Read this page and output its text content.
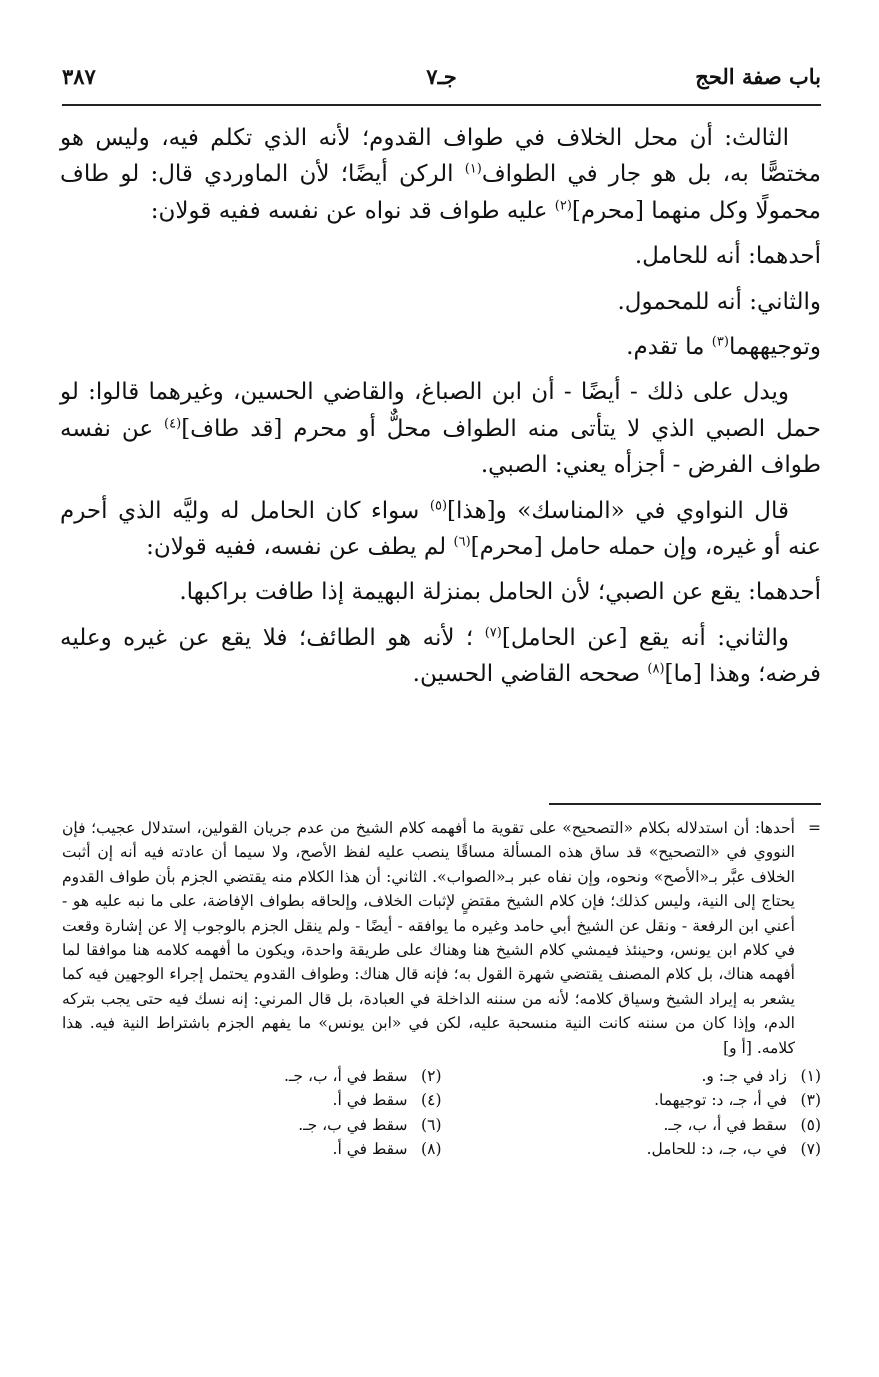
باب صفة الحج
جـ٧
٣٨٧

الثالث: أن محل الخلاف في طواف القدوم؛ لأنه الذي تكلم فيه، وليس هو مختصًّا به، بل هو جار في الطواف$^{(١)}$ الركن أيضًا؛ لأن الماوردي قال: لو طاف محمولًا وكل منهما [محرم]$^{(٢)}$ عليه طواف قد نواه عن نفسه ففيه قولان:

أحدهما: أنه للحامل.

والثاني: أنه للمحمول.

وتوجيههما$^{(٣)}$ ما تقدم.

ويدل على ذلك - أيضًا - أن ابن الصباغ، والقاضي الحسين، وغيرهما قالوا: لو حمل الصبي الذي لا يتأتى منه الطواف محلٌّ أو محرم [قد طاف]$^{(٤)}$ عن نفسه طواف الفرض - أجزأه يعني: الصبي.

قال النواوي في «المناسك» و[هذا]$^{(٥)}$ سواء كان الحامل له وليَّه الذي أحرم عنه أو غيره، وإن حمله حامل [محرم]$^{(٦)}$ لم يطف عن نفسه، ففيه قولان:

أحدهما: يقع عن الصبي؛ لأن الحامل بمنزلة البهيمة إذا طافت براكبها.

والثاني: أنه يقع [عن الحامل]$^{(٧)}$ ؛ لأنه هو الطائف؛ فلا يقع عن غيره وعليه فرضه؛ وهذا [ما]$^{(٨)}$ صححه القاضي الحسين.

=
أحدها: أن استدلاله بكلام «التصحيح» على تقوية ما أفهمه كلام الشيخ من عدم جريان القولين، استدلال عجيب؛ فإن النووي في «التصحيح» قد ساق هذه المسألة مساقًا ينصب عليه لفظ الأصح، ولا سيما أن عادته فيه أنه إن أثبت الخلاف عبَّر بـ«الأصح» ونحوه، وإن نفاه عبر بـ«الصواب». الثاني: أن هذا الكلام منه يقتضي الجزم بأن طواف القدوم يحتاج إلى النية، وليس كذلك؛ فإن كلام الشيخ مقتضٍ لإثبات الخلاف، وإلحاقه بطواف الإفاضة، على ما نبه عليه هو - أعني ابن الرفعة - ونقل عن الشيخ أبي حامد وغيره ما يوافقه - أيضًا - ولم ينقل الجزم بالوجوب إلا عن إشارة وقعت في كلام ابن يونس، وحينئذ فيمشي كلام الشيخ هنا وهناك على طريقة واحدة، ويكون ما أفهمه كلامه هنا موافقا لما أفهمه هناك، بل كلام المصنف يقتضي شهرة القول به؛ فإنه قال هناك: وطواف القدوم يحتمل إجراء الوجهين فيه كما يشعر به إيراد الشيخ وسياق كلامه؛ لأنه من سننه الداخلة في العبادة، بل قال المرني: إنه نسك فيه حتى يجب بتركه الدم، وإذا كان من سننه كانت النية منسحبة عليه، لكن في «ابن يونس» ما يفهم الجزم باشتراط النية فيه. هذا كلامه. [أ و]
(١)زاد في جـ: و.
(٢)سقط في أ، ب، جـ.
(٣)في أ، جـ، د: توجيهما.
(٤)سقط في أ.
(٥)سقط في أ، ب، جـ.
(٦)سقط في ب، جـ.
(٧)في ب، جـ، د: للحامل.
(٨)سقط في أ.
